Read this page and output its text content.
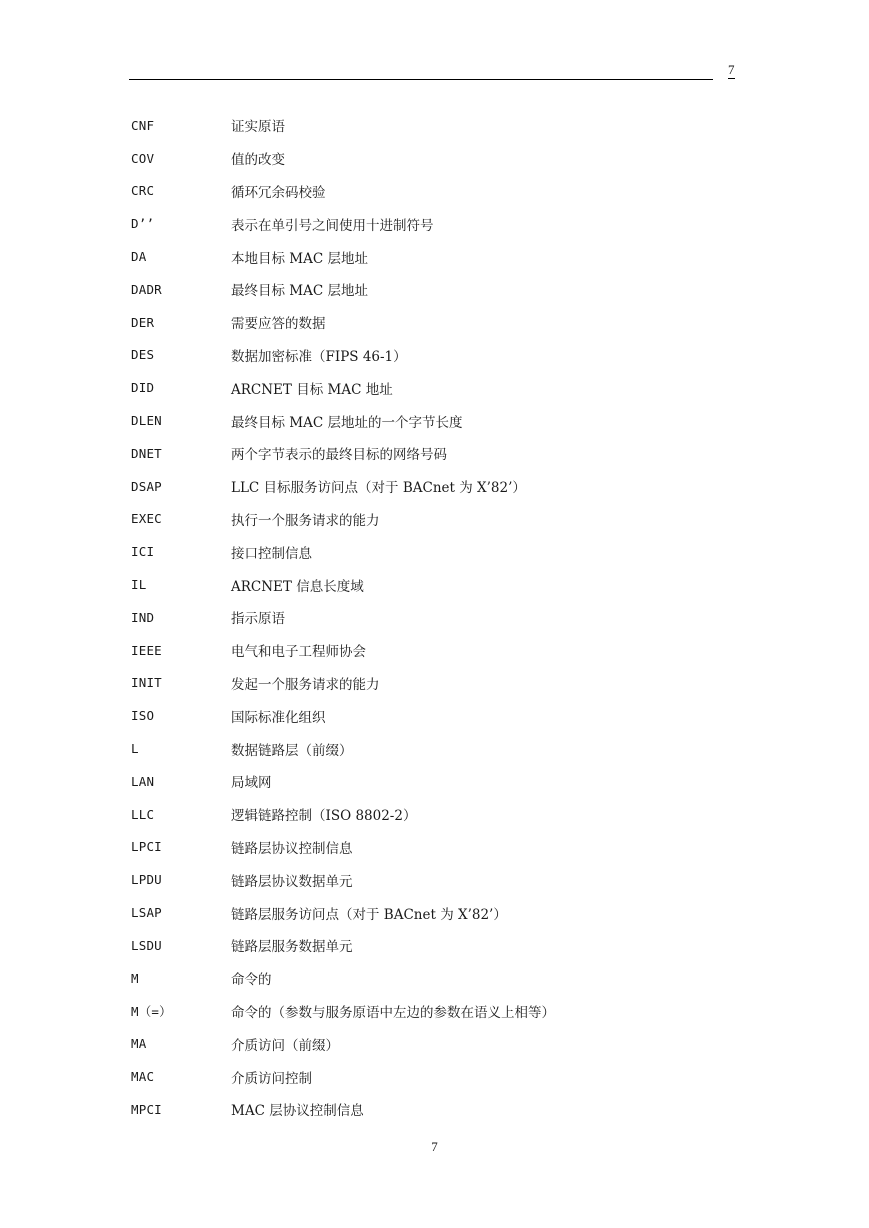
7
CNF	证实原语
COV	值的改变
CRC	循环冗余码校验
D’’	表示在单引号之间使用十进制符号
DA	本地目标 MAC 层地址
DADR	最终目标 MAC 层地址
DER	需要应答的数据
DES	数据加密标准（FIPS 46-1）
DID	ARCNET 目标 MAC 地址
DLEN	最终目标 MAC 层地址的一个字节长度
DNET	两个字节表示的最终目标的网络号码
DSAP	LLC 目标服务访问点（对于 BACnet 为 X’82’）
EXEC	执行一个服务请求的能力
ICI	接口控制信息
IL	ARCNET 信息长度域
IND	指示原语
IEEE	电气和电子工程师协会
INIT	发起一个服务请求的能力
ISO	国际标准化组织
L	数据链路层（前缀）
LAN	局域网
LLC	逻辑链路控制（ISO 8802-2）
LPCI	链路层协议控制信息
LPDU	链路层协议数据单元
LSAP	链路层服务访问点（对于 BACnet 为 X’82’）
LSDU	链路层服务数据单元
M	命令的
M（=）	命令的（参数与服务原语中左边的参数在语义上相等）
MA	介质访问（前缀）
MAC	介质访问控制
MPCI	MAC 层协议控制信息
7
